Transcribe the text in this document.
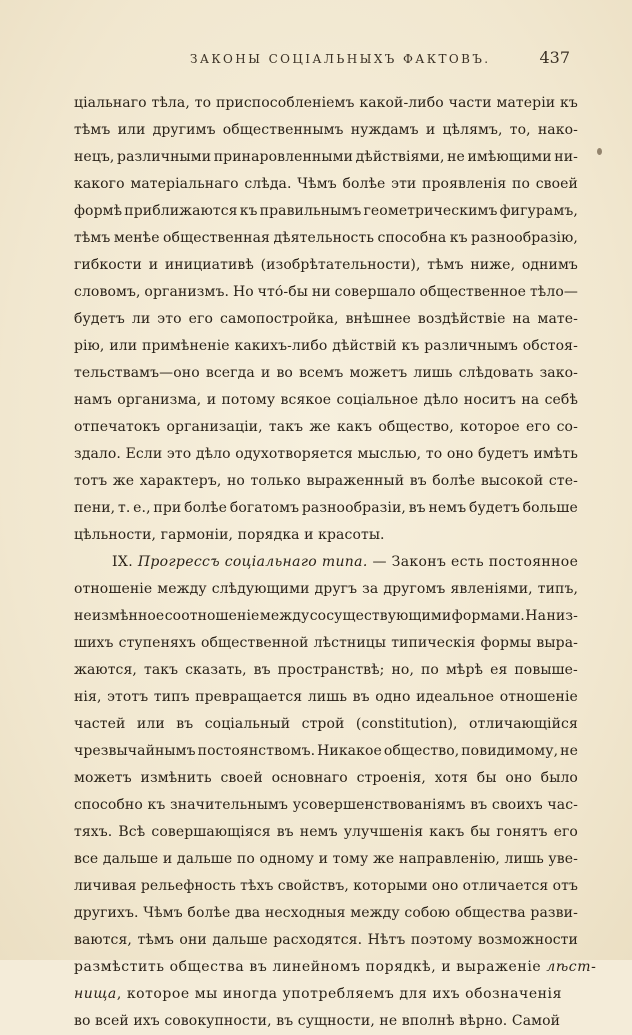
ЗАКОНЫ СОЦIАЛЬНЫХЪ ФАКТОВЪ.	437
цiальнаго тѣла, то приспособленiемъ какой-либо части матерiи къ
тѣмъ или другимъ общественнымъ нуждамъ и цѣлямъ, то, нако-
нецъ, различными принаровленными дѣйствiями, не имѣющими ни-
какого матерiальнаго слѣда. Чѣмъ болѣе эти проявленiя по своей
формѣ приближаются къ правильнымъ геометрическимъ фигурамъ,
тѣмъ менѣе общественная дѣятельность способна къ разнообразiю,
гибкости и инициативѣ (изобрѣтательности), тѣмъ ниже, однимъ
словомъ, организмъ. Но что́-бы ни совершало общественное тѣло—
будетъ ли это его самопостройка, внѣшнее воздѣйствiе на мате-
рiю, или примѣненiе какихъ-либо дѣйствiй къ различнымъ обстоя-
тельствамъ—оно всегда и во всемъ можетъ лишь слѣдовать зако-
намъ организма, и потому всякое соцiальное дѣло носитъ на себѣ
отпечатокъ организацiи, такъ же какъ общество, которое его со-
здало. Если это дѣло одухотворяется мыслью, то оно будетъ имѣть
тотъ же характеръ, но только выраженный въ болѣе высокой сте-
пени, т. е., при болѣе богатомъ разнообразiи, въ немъ будетъ больше
цѣльности, гармонiи, порядка и красоты.
IX. Прогрессъ соцiальнаго типа. — Законъ есть постоянное
отношенiе между слѣдующими другъ за другомъ явленiями, типъ,
неизмѣнное соотношенiе между сосуществующими формами. На низ-
шихъ ступеняхъ общественной лѣстницы типическiя формы выра-
жаются, такъ сказать, въ пространствѣ; но, по мѣрѣ ея повыше-
нiя, этотъ типъ превращается лишь въ одно идеальное отношенiе
частей или въ соцiальный строй (constitution), отличающiйся
чрезвычайнымъ постоянствомъ. Никакое общество, повидимому, не
можетъ измѣнить своей основнаго строенiя, хотя бы оно было
способно къ значительнымъ усовершенствованiямъ въ своихъ час-
тяхъ. Всѣ совершающiяся въ немъ улучшенiя какъ бы гонятъ его
все дальше и дальше по одному и тому же направленiю, лишь уве-
личивая рельефность тѣхъ свойствъ, которыми оно отличается отъ
другихъ. Чѣмъ болѣе два несходныя между собою общества разви-
ваются, тѣмъ они дальше расходятся. Нѣтъ поэтому возможности
размѣстить общества въ линейномъ порядкѣ, и выраженiе лѣст-
нища , которое мы иногда употребляемъ для ихъ обозначенiя
во всей ихъ совокупности, въ сущности, не вполнѣ вѣрно. Самой
